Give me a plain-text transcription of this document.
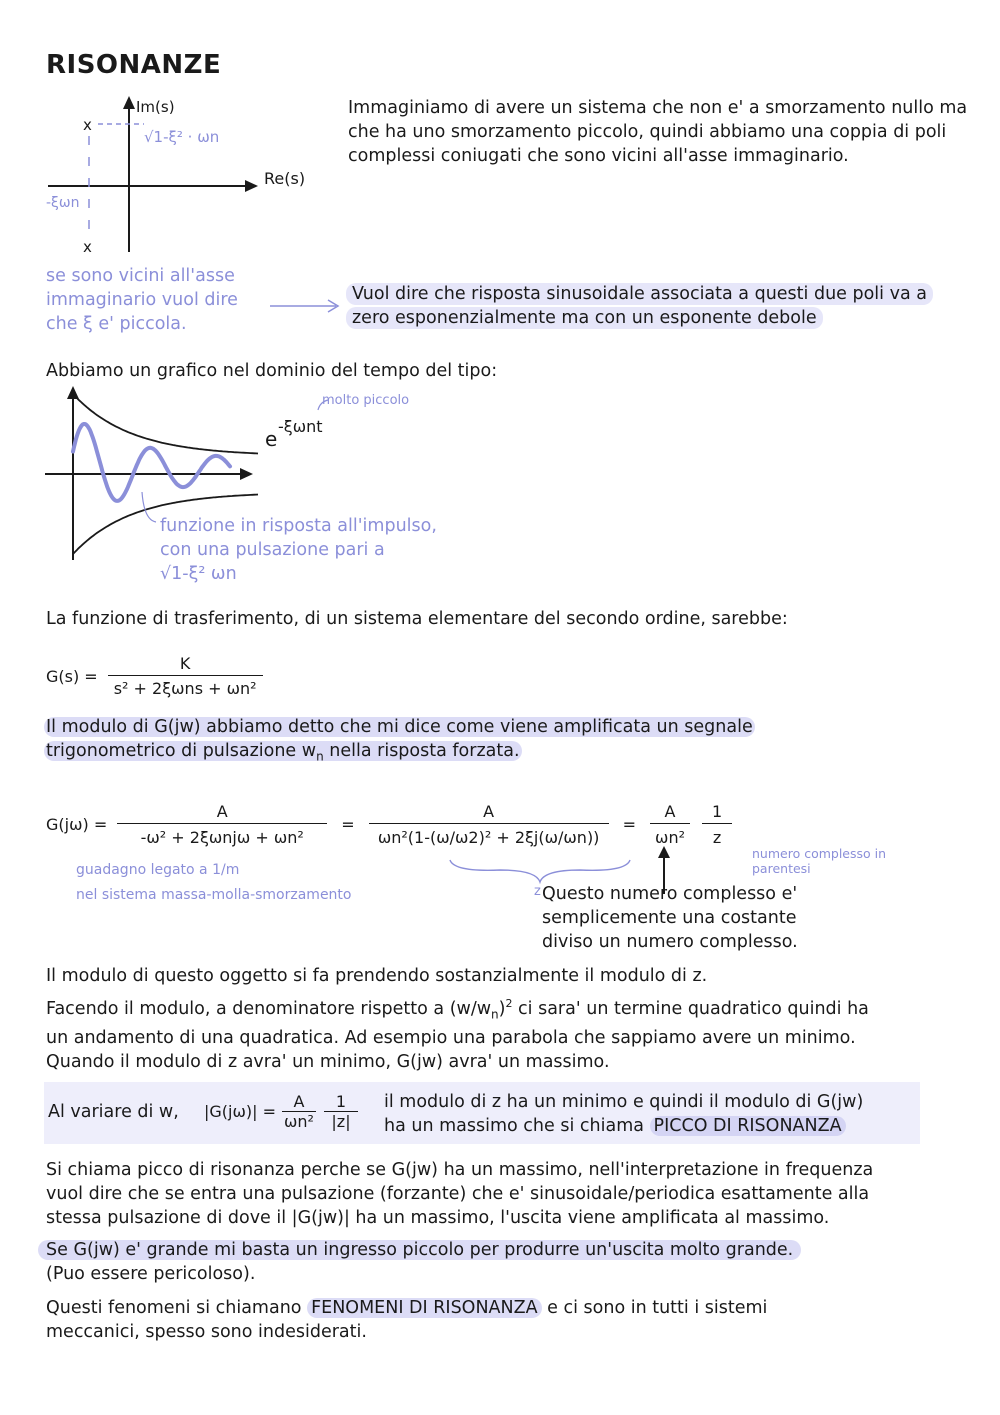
RISONANZE
Im(s)
Re(s)
x
x
√1-ξ² · ωn
-ξωn
Immaginiamo di avere un sistema che non e' a smorzamento nullo ma che ha uno smorzamento piccolo, quindi abbiamo una coppia di poli complessi coniugati che sono vicini all'asse immaginario.
se sono vicini all'asse immaginario vuol dire che ξ e' piccola.
Vuol dire che risposta sinusoidale associata a questi due poli va a zero esponenzialmente ma con un esponente debole
Abbiamo un grafico nel dominio del tempo del tipo:
e
-ξωnt
molto piccolo
funzione in risposta all'impulso,
con una pulsazione pari a
√1-ξ² ωn
La funzione di trasferimento, di un sistema elementare del secondo ordine, sarebbe:
G(s) =
K
s² + 2ξωns + ωn²
Il modulo di G(jw) abbiamo detto che mi dice come viene amplificata un segnale
trigonometrico di pulsazione $w_n$ nella risposta forzata.
G(jω) =
A
-ω² + 2ξωnjω + ωn²
= $\frac{A}{\text{ωn²(1-(ω/ω2)² + 2ξj(ω/ωn))}} = \frac{A}{\text{ωn²}} \frac{1}{z}$
z
guadagno legato a 1/m
nel sistema massa-molla-smorzamento
numero complesso in parentesi
Questo numero complesso e' semplicemente una costante diviso un numero complesso.
Il modulo di questo oggetto si fa prendendo sostanzialmente il modulo di z.
Facendo il modulo, a denominatore rispetto a $(w/w_n)^2$ ci sara' un termine quadratico quindi ha
un andamento di una quadratica. Ad esempio una parabola che sappiamo avere un minimo.
Quando il modulo di z avra' un minimo, G(jw) avra' un massimo.
Al variare di w, $|G(j\omega)| = \frac{A}{\text{ωn²}} \frac{1}{|z|}$ il modulo di z ha un minimo e quindi il modulo di G(jw)
ha un massimo che si chiama PICCO DI RISONANZA
Si chiama picco di risonanza perche se G(jw) ha un massimo, nell'interpretazione in frequenza
vuol dire che se entra una pulsazione (forzante) che e' sinusoidale/periodica esattamente alla
stessa pulsazione di dove il |G(jw)| ha un massimo, l'uscita viene amplificata al massimo.
Se G(jw) e' grande mi basta un ingresso piccolo per produrre un'uscita molto grande.
(Puo essere pericoloso).
Questi fenomeni si chiamano FENOMENI DI RISONANZA e ci sono in tutti i sistemi
meccanici, spesso sono indesiderati.
